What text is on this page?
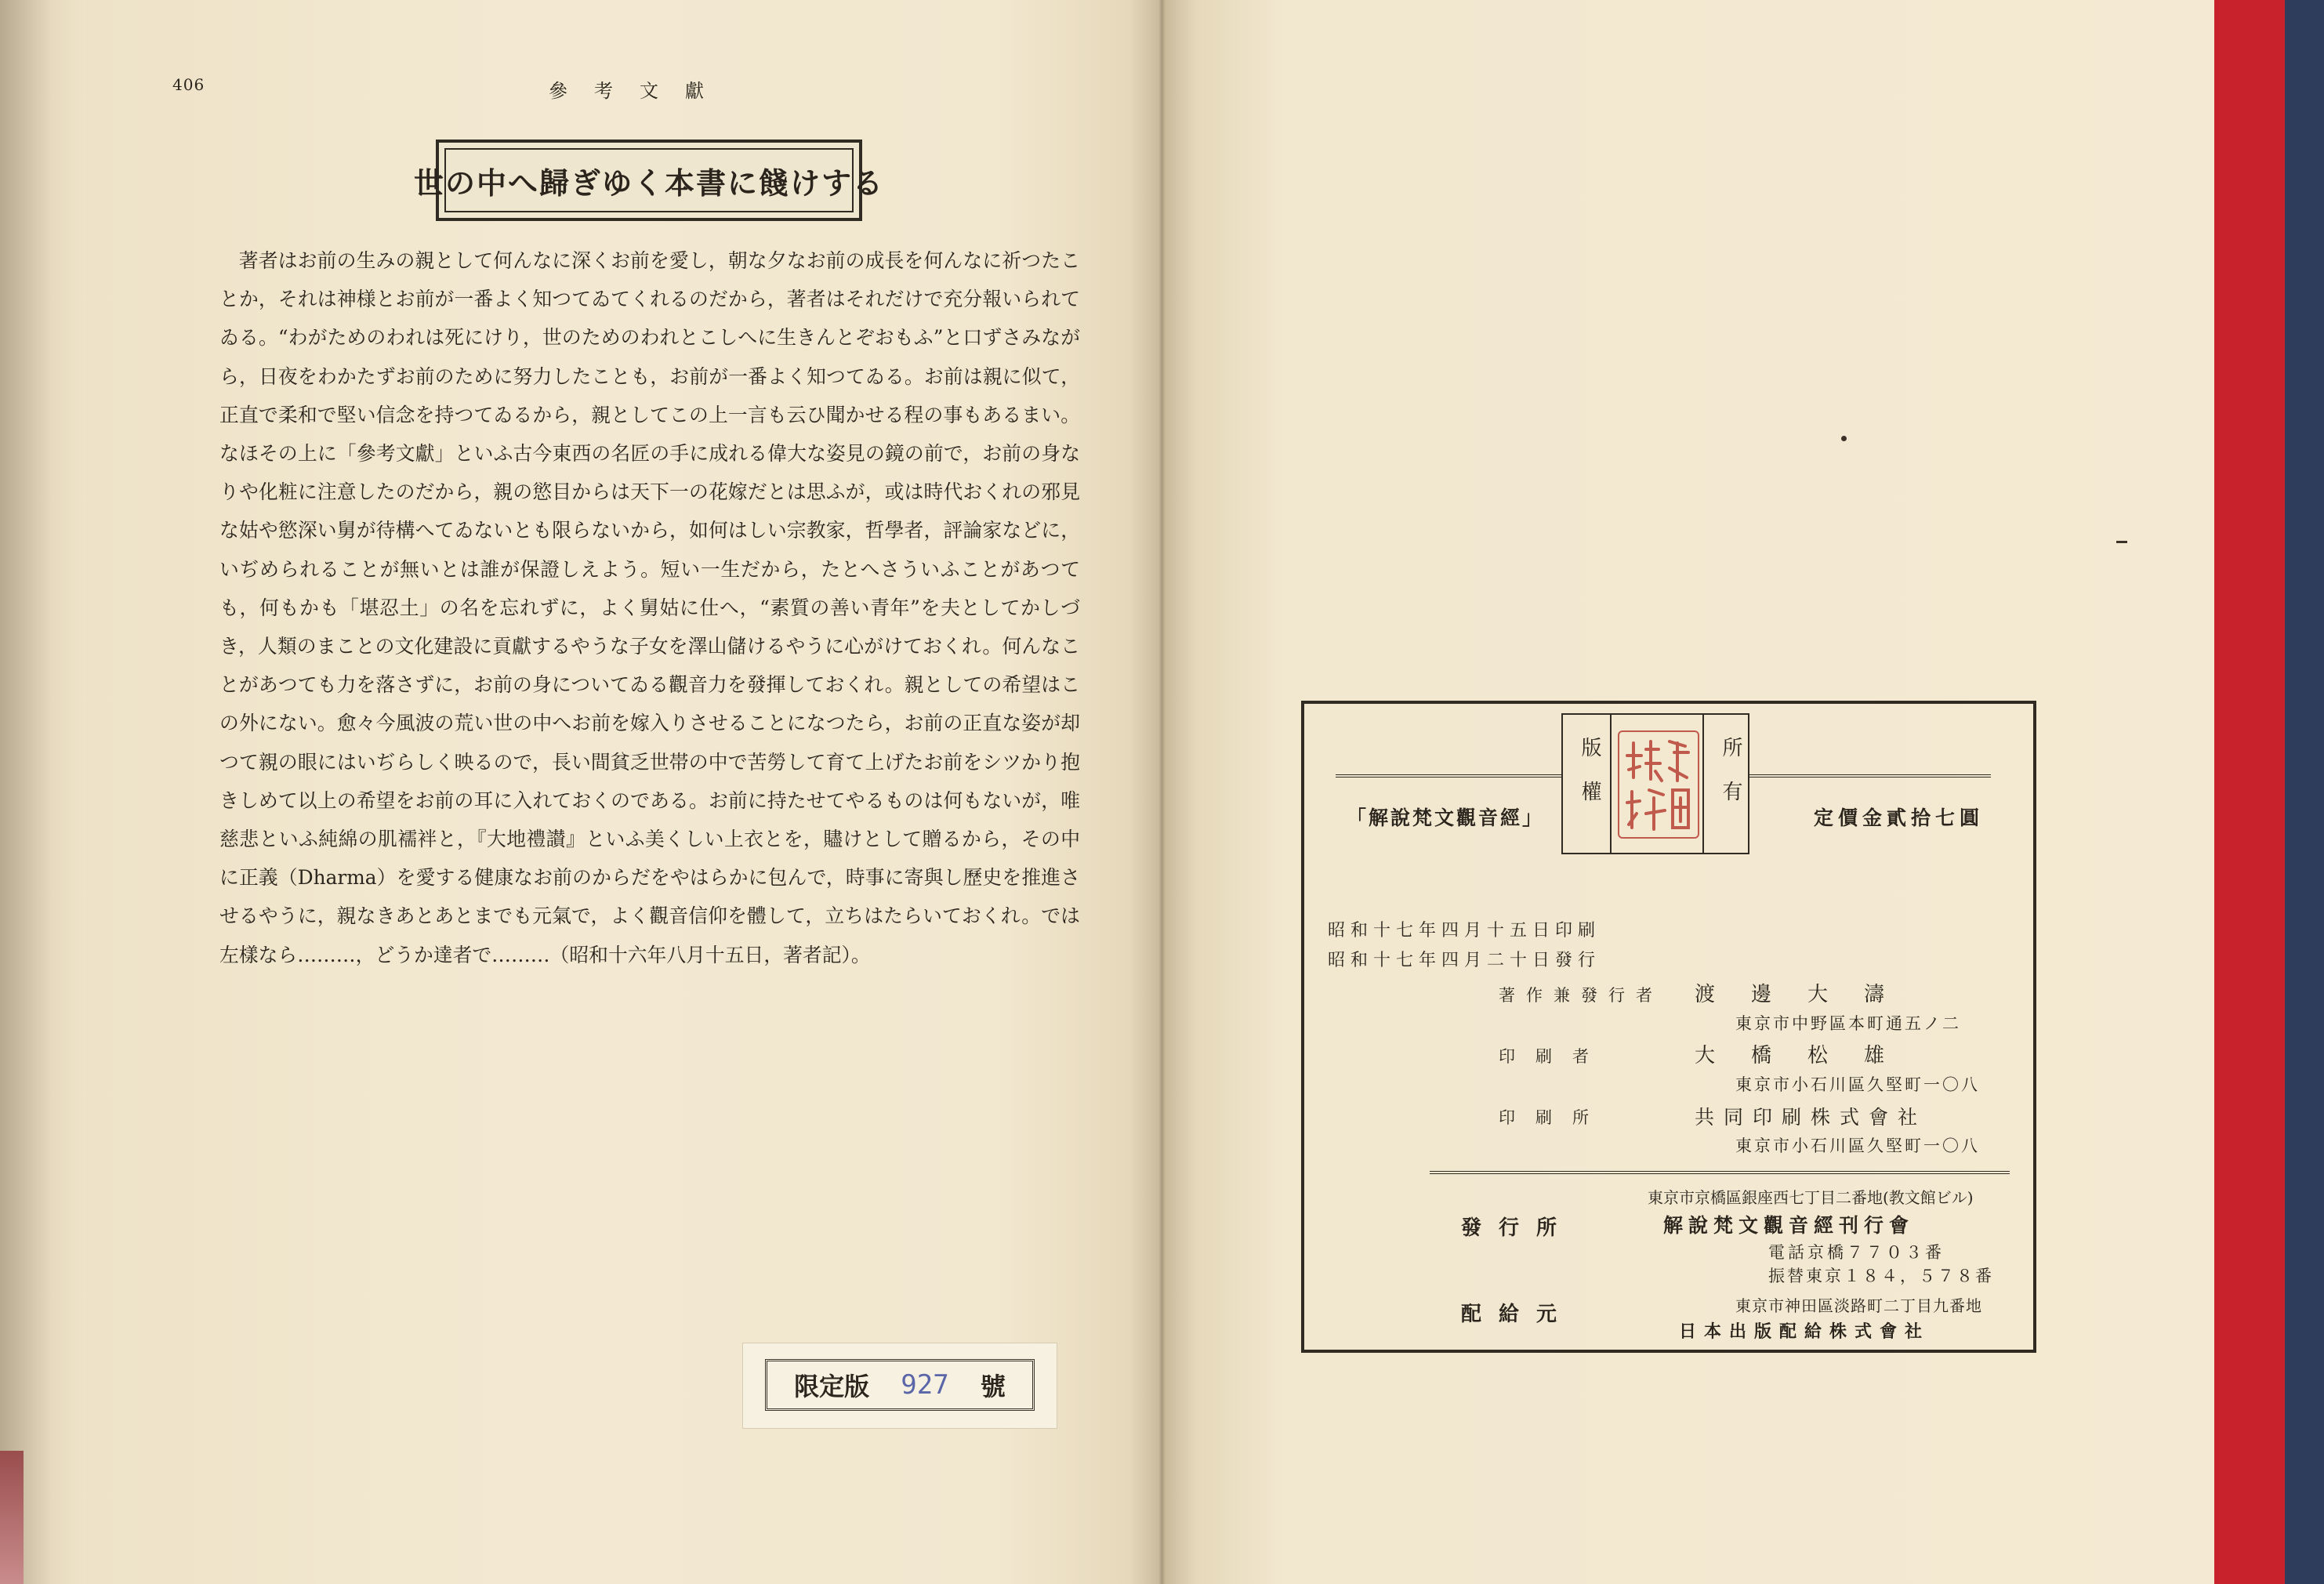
406	參考文獻
世の中へ歸ぎゆく本書に餞けする
著者はお前の生みの親として何んなに深くお前を愛し，朝な夕なお前の成長を何んなに祈つたことか，それは神様とお前が一番よく知つてゐてくれるのだから，著者はそれだけで充分報いられてゐる。“わがためのわれは死にけり，世のためのわれとこしへに生きんとぞおもふ”と口ずさみながら，日夜をわかたずお前のために努力したことも，お前が一番よく知つてゐる。お前は親に似て，正直で柔和で堅い信念を持つてゐるから，親としてこの上一言も云ひ聞かせる程の事もあるまい。なほその上に「參考文獻」といふ古今東西の名匠の手に成れる偉大な姿見の鏡の前で，お前の身なりや化粧に注意したのだから，親の慾目からは天下一の花嫁だとは思ふが，或は時代おくれの邪見な姑や慾深い舅が待構へてゐないとも限らないから，如何はしい宗教家，哲學者，評論家などに，いぢめられることが無いとは誰が保證しえよう。短い一生だから，たとへさういふことがあつても，何もかも「堪忍土」の名を忘れずに，よく舅姑に仕へ，“素質の善い青年”を夫としてかしづき，人類のまことの文化建設に貢獻するやうな子女を澤山儲けるやうに心がけておくれ。何んなことがあつても力を落さずに，お前の身についてゐる觀音力を發揮しておくれ。親としての希望はこの外にない。愈々今風波の荒い世の中へお前を嫁入りさせることになつたら，お前の正直な姿が却つて親の眼にはいぢらしく映るので，長い間貧乏世帯の中で苦勞して育て上げたお前をシツかり抱きしめて以上の希望をお前の耳に入れておくのである。お前に持たせてやるものは何もないが，唯慈悲といふ純綿の肌襦袢と，『大地禮讃』といふ美くしい上衣とを，贐けとして贈るから，その中に正義（Dharma）を愛する健康なお前のからだをやはらかに包んで，時事に寄與し歷史を推進させるやうに，親なきあとあとまでも元氣で，よく觀音信仰を體して，立ちはたらいておくれ。では左樣なら………，どうか達者で………（昭和十六年八月十五日，著者記）。
限定版 927 號
「解說梵文觀音經」	定價金貳拾七圓
版權	所有
昭和十七年四月十五日印刷
昭和十七年四月二十日發行
著作兼發行者 渡邊大濤
東京市中野區本町通五ノ二
印刷者	大橋松雄
東京市小石川區久堅町一〇八
印刷所	共同印刷株式會社
東京市小石川區久堅町一〇八
東京市京橋區銀座西七丁目二番地(教文館ビル)
發行所	解說梵文觀音經刊行會
電話京橋７７０３番
振替東京１８４，５７８番
配給元	東京市神田區淡路町二丁目九番地
日本出版配給株式會社
